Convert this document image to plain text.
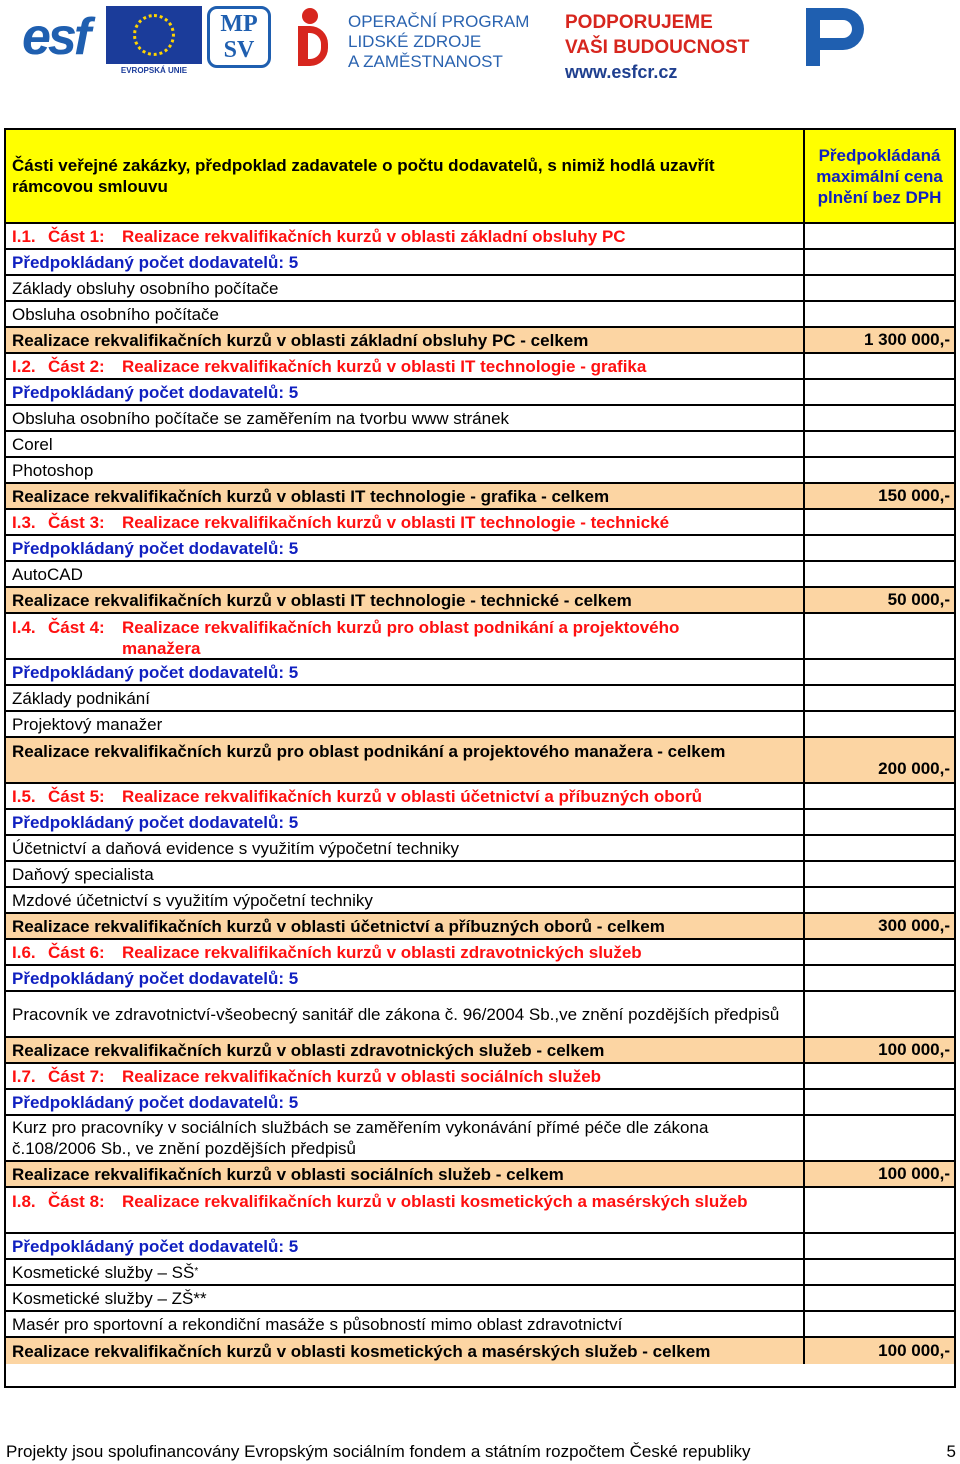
esf
EVROPSKÁ UNIE
MP
SV
OPERAČNÍ PROGRAM
LIDSKÉ ZDROJE
A ZAMĚSTNANOST
PODPORUJEME
VAŠI BUDOUCNOST
www.esfcr.cz
Části veřejné zakázky, předpoklad zadavatele o počtu dodavatelů, s nimiž hodlá uzavřít rámcovou smlouvu
Předpokládaná maximální cena plnění bez DPH
I.1. Část 1:	Realizace rekvalifikačních kurzů v oblasti základní obsluhy PC
Předpokládaný počet dodavatelů: 5
Základy obsluhy osobního počítače
Obsluha osobního počítače
Realizace rekvalifikačních kurzů v oblasti základní obsluhy PC - celkem	1 300 000,-
I.2. Část 2:	Realizace rekvalifikačních kurzů v oblasti IT technologie - grafika
Předpokládaný počet dodavatelů: 5
Obsluha osobního počítače se zaměřením na tvorbu www stránek
Corel
Photoshop
Realizace rekvalifikačních kurzů v oblasti IT technologie - grafika - celkem	150 000,-
I.3. Část 3:	Realizace rekvalifikačních kurzů v oblasti IT technologie - technické
Předpokládaný počet dodavatelů: 5
AutoCAD
Realizace rekvalifikačních kurzů v oblasti IT technologie - technické - celkem	50 000,-
I.4. Část 4:	Realizace rekvalifikačních kurzů pro oblast podnikání a projektového manažera
Předpokládaný počet dodavatelů: 5
Základy podnikání
Projektový manažer
Realizace rekvalifikačních kurzů pro oblast podnikání a projektového manažera - celkem
200 000,-
I.5. Část 5:	Realizace rekvalifikačních kurzů v oblasti účetnictví a příbuzných oborů
Předpokládaný počet dodavatelů: 5
Účetnictví a daňová evidence s využitím výpočetní techniky
Daňový specialista
Mzdové účetnictví s využitím výpočetní techniky
Realizace rekvalifikačních kurzů v oblasti účetnictví a příbuzných oborů - celkem	300 000,-
I.6. Část 6:	Realizace rekvalifikačních kurzů v oblasti zdravotnických služeb
Předpokládaný počet dodavatelů: 5
Pracovník ve zdravotnictví-všeobecný sanitář dle zákona č. 96/2004 Sb.,ve znění pozdějších předpisů
Realizace rekvalifikačních kurzů v oblasti zdravotnických služeb - celkem	100 000,-
I.7. Část 7:	Realizace rekvalifikačních kurzů v oblasti sociálních služeb
Předpokládaný počet dodavatelů: 5
Kurz pro pracovníky v sociálních službách se zaměřením vykonávání přímé péče dle zákona č.108/2006 Sb., ve znění pozdějších předpisů
Realizace rekvalifikačních kurzů v oblasti sociálních služeb - celkem	100 000,-
I.8. Část 8:	Realizace rekvalifikačních kurzů v oblasti kosmetických a masérských služeb
Předpokládaný počet dodavatelů: 5
Kosmetické služby – SŠ *
Kosmetické služby – ZŠ**
Masér pro sportovní a rekondiční masáže s působností mimo oblast zdravotnictví
Realizace rekvalifikačních kurzů v oblasti kosmetických a masérských služeb - celkem	100 000,-
Projekty jsou spolufinancovány Evropským sociálním fondem a státním rozpočtem České republiky	5
